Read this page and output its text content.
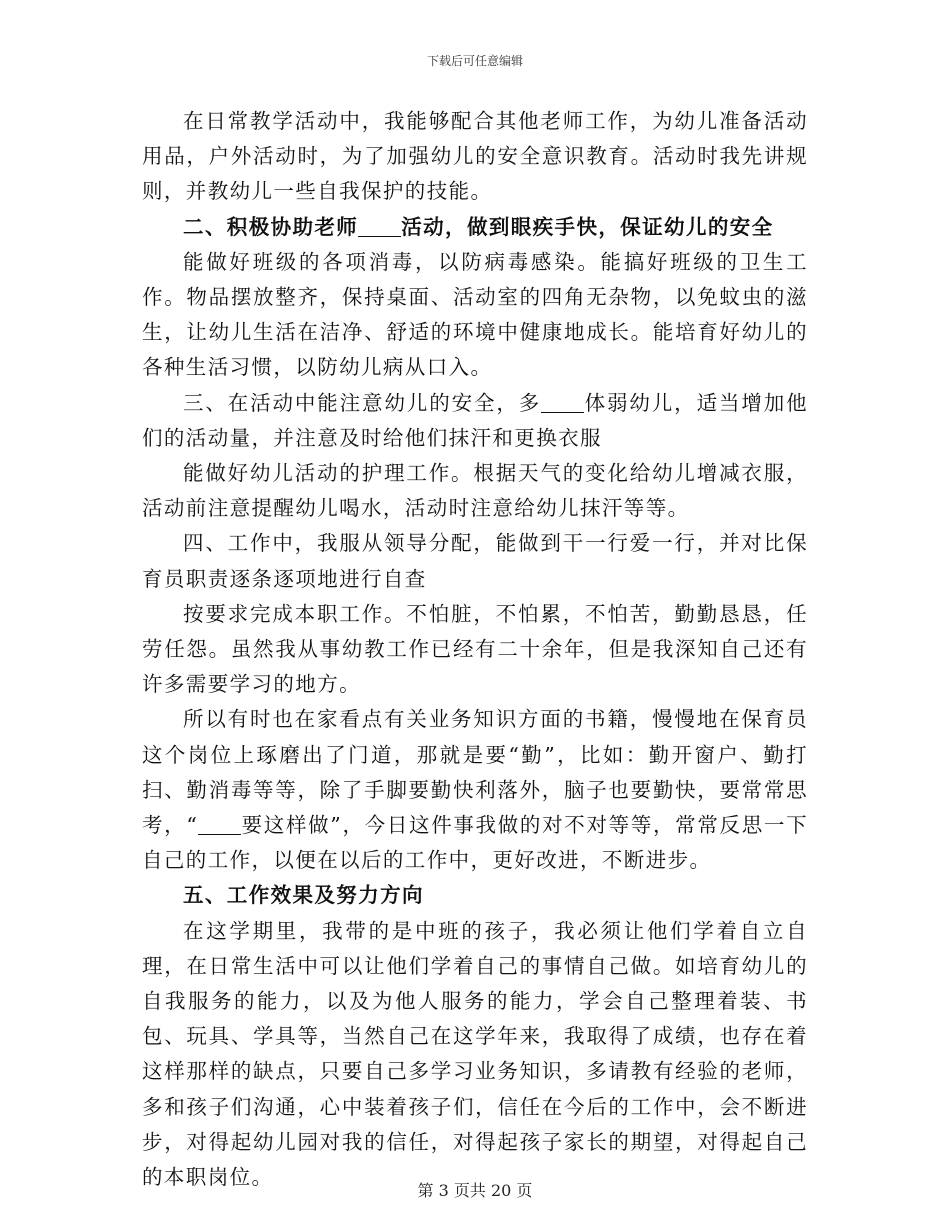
下载后可任意编辑

在日常教学活动中，我能够配合其他老师工作，为幼儿准备活动用品，户外活动时，为了加强幼儿的安全意识教育。活动时我先讲规则，并教幼儿一些自我保护的技能。

二、积极协助老师 活动，做到眼疾手快，保证幼儿的安全

能做好班级的各项消毒，以防病毒感染。能搞好班级的卫生工作。物品摆放整齐，保持桌面、活动室的四角无杂物，以免蚊虫的滋生，让幼儿生活在洁净、舒适的环境中健康地成长。能培育好幼儿的各种生活习惯，以防幼儿病从口入。

三、在活动中能注意幼儿的安全，多 体弱幼儿，适当增加他们的活动量，并注意及时给他们抹汗和更换衣服

能做好幼儿活动的护理工作。根据天气的变化给幼儿增减衣服，活动前注意提醒幼儿喝水，活动时注意给幼儿抹汗等等。

四、工作中，我服从领导分配，能做到干一行爱一行，并对比保育员职责逐条逐项地进行自查

按要求完成本职工作。不怕脏，不怕累，不怕苦，勤勤恳恳，任劳任怨。虽然我从事幼教工作已经有二十余年，但是我深知自己还有许多需要学习的地方。

所以有时也在家看点有关业务知识方面的书籍，慢慢地在保育员这个岗位上琢磨出了门道，那就是要“勤”，比如：勤开窗户、勤打扫、勤消毒等等，除了手脚要勤快利落外，脑子也要勤快，要常常思考，“ 要这样做”，今日这件事我做的对不对等等，常常反思一下自己的工作，以便在以后的工作中，更好改进，不断进步。

五、工作效果及努力方向

在这学期里，我带的是中班的孩子，我必须让他们学着自立自理，在日常生活中可以让他们学着自己的事情自己做。如培育幼儿的自我服务的能力，以及为他人服务的能力，学会自己整理着装、书包、玩具、学具等，当然自己在这学年来，我取得了成绩，也存在着这样那样的缺点，只要自己多学习业务知识，多请教有经验的老师，多和孩子们沟通，心中装着孩子们，信任在今后的工作中，会不断进步，对得起幼儿园对我的信任，对得起孩子家长的期望，对得起自己的本职岗位。

第 3 页共 20 页
